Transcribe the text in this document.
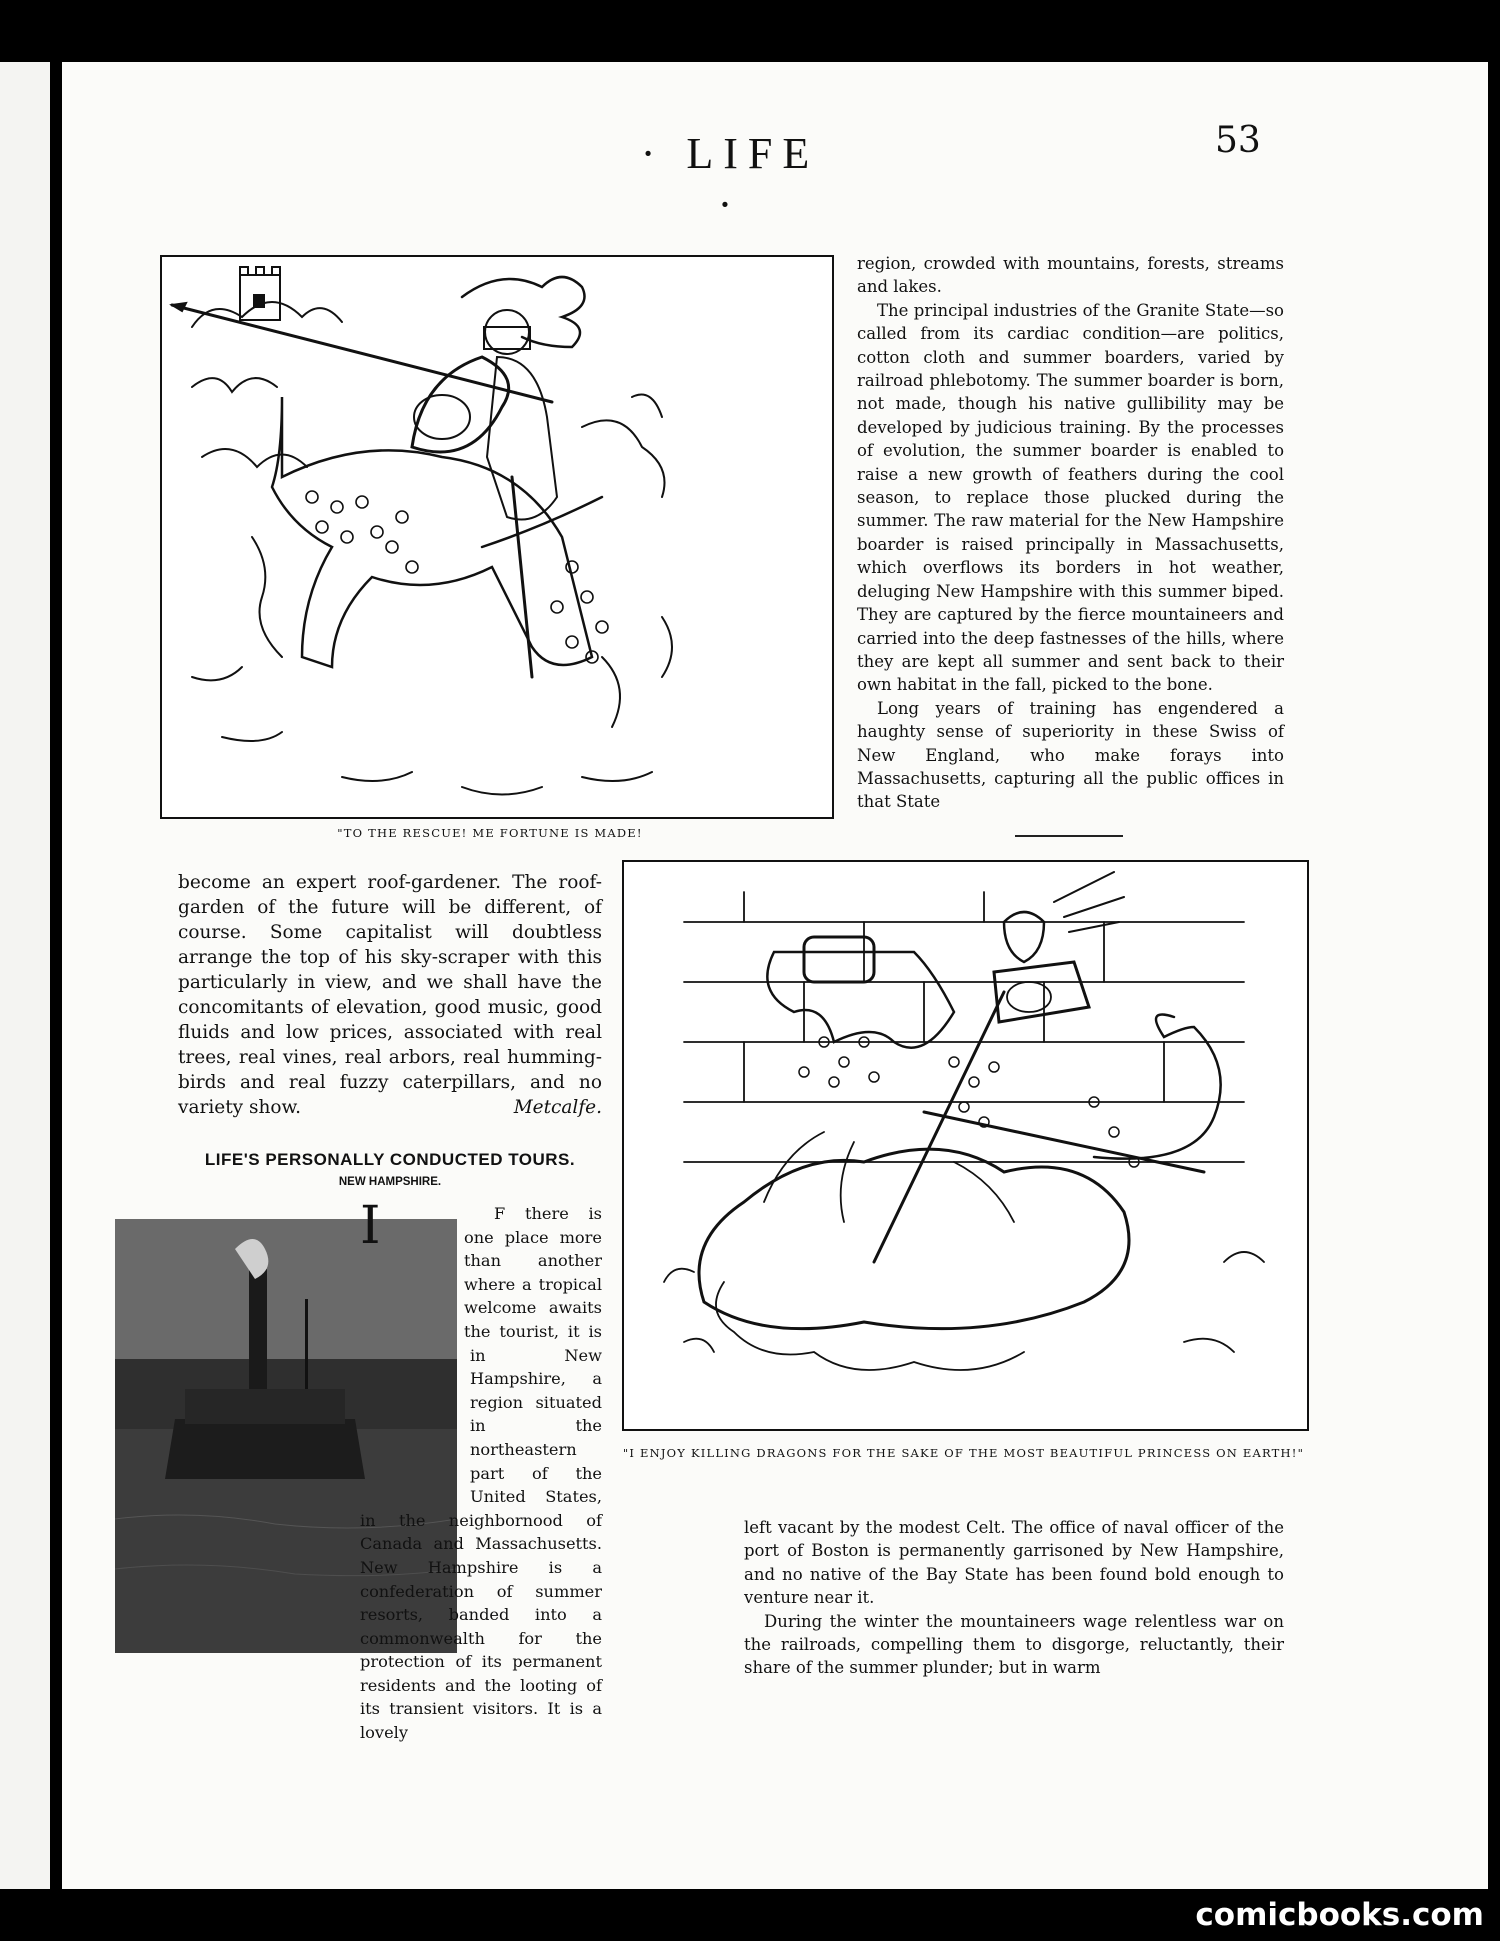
· LIFE ·
53
"TO THE RESCUE! ME FORTUNE IS MADE!

region, crowded with mountains, forests, streams and lakes.

The principal industries of the Granite State—so called from its cardiac condition—are politics, cotton cloth and summer boarders, varied by railroad phlebotomy. The summer boarder is born, not made, though his native gullibility may be developed by judicious training. By the processes of evolution, the summer boarder is enabled to raise a new growth of feathers during the cool season, to replace those plucked during the summer. The raw material for the New Hampshire boarder is raised principally in Massachusetts, which overflows its borders in hot weather, deluging New Hampshire with this summer biped. They are captured by the fierce mountaineers and carried into the deep fastnesses of the hills, where they are kept all summer and sent back to their own habitat in the fall, picked to the bone.

Long years of training has engendered a haughty sense of superiority in these Swiss of New England, who make forays into Massachusetts, capturing all the public offices in that State

become an expert roof-gardener. The roof-garden of the future will be different, of course. Some capitalist will doubtless arrange the top of his sky-scraper with this particularly in view, and we shall have the concomitants of elevation, good music, good fluids and low prices, associated with real trees, real vines, real arbors, real humming-birds and real fuzzy caterpillars, and no variety show.	Metcalfe.

"I ENJOY KILLING DRAGONS FOR THE SAKE OF THE MOST BEAUTIFUL PRINCESS ON EARTH!"
LIFE'S PERSONALLY CONDUCTED TOURS.
NEW HAMPSHIRE.

I	F there is one place more than another where a tropical welcome awaits the tourist, it is in New Hampshire, a region situated in the northeastern part of the United States, in the neighbornood of Canada and Massachusetts. New Hampshire is a confederation of summer resorts, banded into a commonwealth for the protection of its permanent residents and the looting of its transient visitors. It is a lovely

left vacant by the modest Celt. The office of naval officer of the port of Boston is permanently garrisoned by New Hampshire, and no native of the Bay State has been found bold enough to venture near it.

During the winter the mountaineers wage relentless war on the railroads, compelling them to disgorge, reluctantly, their share of the summer plunder; but in warm

comicbooks.com
